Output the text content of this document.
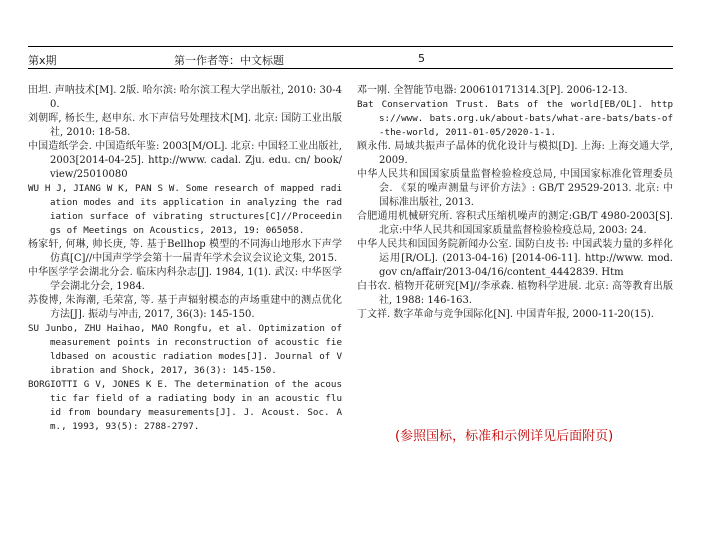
第x期	第一作者等：中文标题	5

田坦. 声呐技术[M]. 2版. 哈尔滨: 哈尔滨工程大学出版社, 2010: 30-40.

刘朝晖, 杨长生, 赵申东. 水下声信号处理技术[M]. 北京: 国防工业出版社, 2010: 18-58.

中国造纸学会. 中国造纸年鉴: 2003[M/OL]. 北京: 中国轻工业出版社, 2003[2014-04-25]. http://www. cadal. Zju. edu. cn/ book/ view/25010080

WU H J, JIANG W K, PAN S W. Some research of mapped radiation modes and its application in analyzing the radiation surface of vibrating structures[C]//Proceedings of Meetings on Acoustics, 2013, 19: 065058.

杨家轩, 何琳, 帅长庚, 等. 基于Bellhop 模型的不同海山地形水下声学仿真[C]//中国声学学会第十一届青年学术会议会议论文集, 2015.

中华医学学会湖北分会. 临床内科杂志[J]. 1984, 1(1). 武汉: 中华医学学会湖北分会, 1984.

苏俊博, 朱海潮, 毛荣富, 等. 基于声辐射模态的声场重建中的测点优化方法[J]. 振动与冲击, 2017, 36(3): 145-150.

SU Junbo, ZHU Haihao, MAO Rongfu, et al. Optimization of measurement points in reconstruction of acoustic fieldbased on acoustic radiation modes[J]. Journal of Vibration and Shock, 2017, 36(3): 145-150.

BORGIOTTI G V, JONES K E. The determination of the acoustic far field of a radiating body in an acoustic fluid from boundary measurements[J]. J. Acoust. Soc. Am., 1993, 93(5): 2788-2797.

邓一刚. 全智能节电器: 200610171314.3[P]. 2006-12-13.

Bat Conservation Trust. Bats of the world[EB/OL]. https://www. bats.org.uk/about-bats/what-are-bats/bats-of-the-world, 2011-01-05/2020-1-1.

顾永伟. 局域共振声子晶体的优化设计与模拟[D]. 上海: 上海交通大学, 2009.

中华人民共和国国家质量监督检验检疫总局, 中国国家标准化管理委员会. 《泵的噪声测量与评价方法》: GB/T 29529-2013. 北京: 中国标准出版社, 2013.

合肥通用机械研究所. 容积式压缩机噪声的测定:GB/T 4980-2003[S]. 北京:中华人民共和国国家质量监督检验检疫总局, 2003: 24.

中华人民共和国国务院新闻办公室. 国防白皮书: 中国武装力量的多样化运用[R/OL]. (2013-04-16) [2014-06-11]. http://www. mod. gov cn/affair/2013-04/16/content_4442839. Htm

白书农. 植物开花研究[M]//李承森. 植物科学进展. 北京: 高等教育出版社, 1988: 146-163.

丁文祥. 数字革命与竞争国际化[N]. 中国青年报, 2000-11-20(15).

(参照国标，标准和示例详见后面附页)
